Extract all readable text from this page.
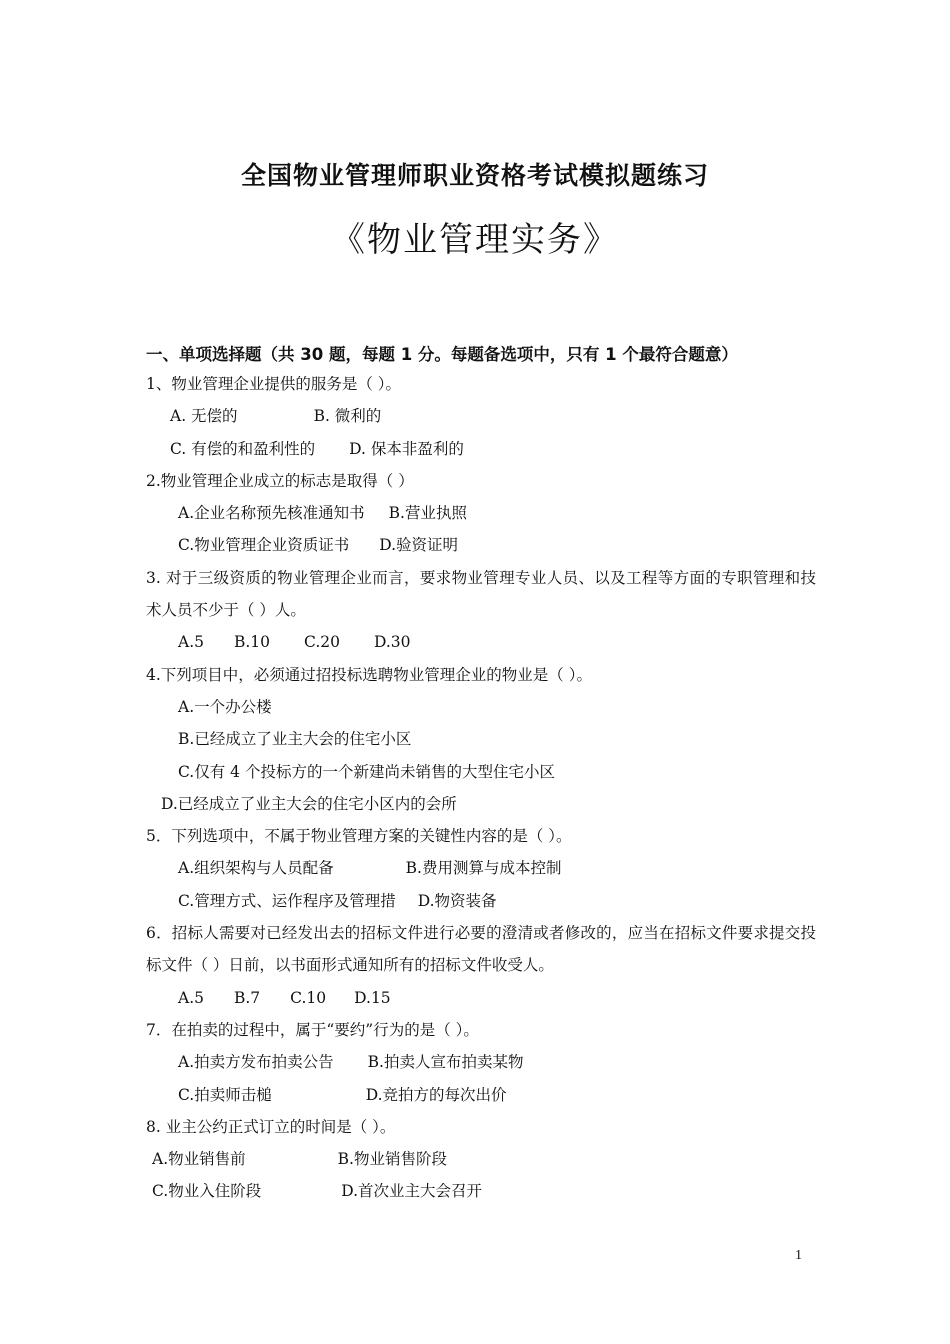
全国物业管理师职业资格考试模拟题练习
《物业管理实务》
一、单项选择题（共 30 题，每题 1 分。每题备选项中，只有 1 个最符合题意）

1、物业管理企业提供的服务是（ ）。

A. 无偿的	B. 微利的

C. 有偿的和盈利性的 D. 保本非盈利的

2.物业管理企业成立的标志是取得（ ）

A.企业名称预先核准通知书 B.营业执照

C.物业管理企业资质证书 D.验资证明

3. 对于三级资质的物业管理企业而言，要求物业管理专业人员、以及工程等方面的专职管理和技术人员不少于（ ）人。

A.5 B.10 C.20 D.30

4.下列项目中，必须通过招投标选聘物业管理企业的物业是（ ）。

A.一个办公楼

B.已经成立了业主大会的住宅小区

C.仅有 4 个投标方的一个新建尚未销售的大型住宅小区

D.已经成立了业主大会的住宅小区内的会所

5．下列选项中，不属于物业管理方案的关键性内容的是（ ）。

A.组织架构与人员配备	B.费用测算与成本控制

C.管理方式、运作程序及管理措 D.物资装备

6．招标人需要对已经发出去的招标文件进行必要的澄清或者修改的，应当在招标文件要求提交投标文件（ ）日前，以书面形式通知所有的招标文件收受人。

A.5 B.7 C.10 D.15

7．在拍卖的过程中，属于“要约”行为的是（ ）。

A.拍卖方发布拍卖公告 B.拍卖人宣布拍卖某物

C.拍卖师击槌	D.竞拍方的每次出价

8. 业主公约正式订立的时间是（ ）。

A.物业销售前	B.物业销售阶段

C.物业入住阶段	D.首次业主大会召开

1
